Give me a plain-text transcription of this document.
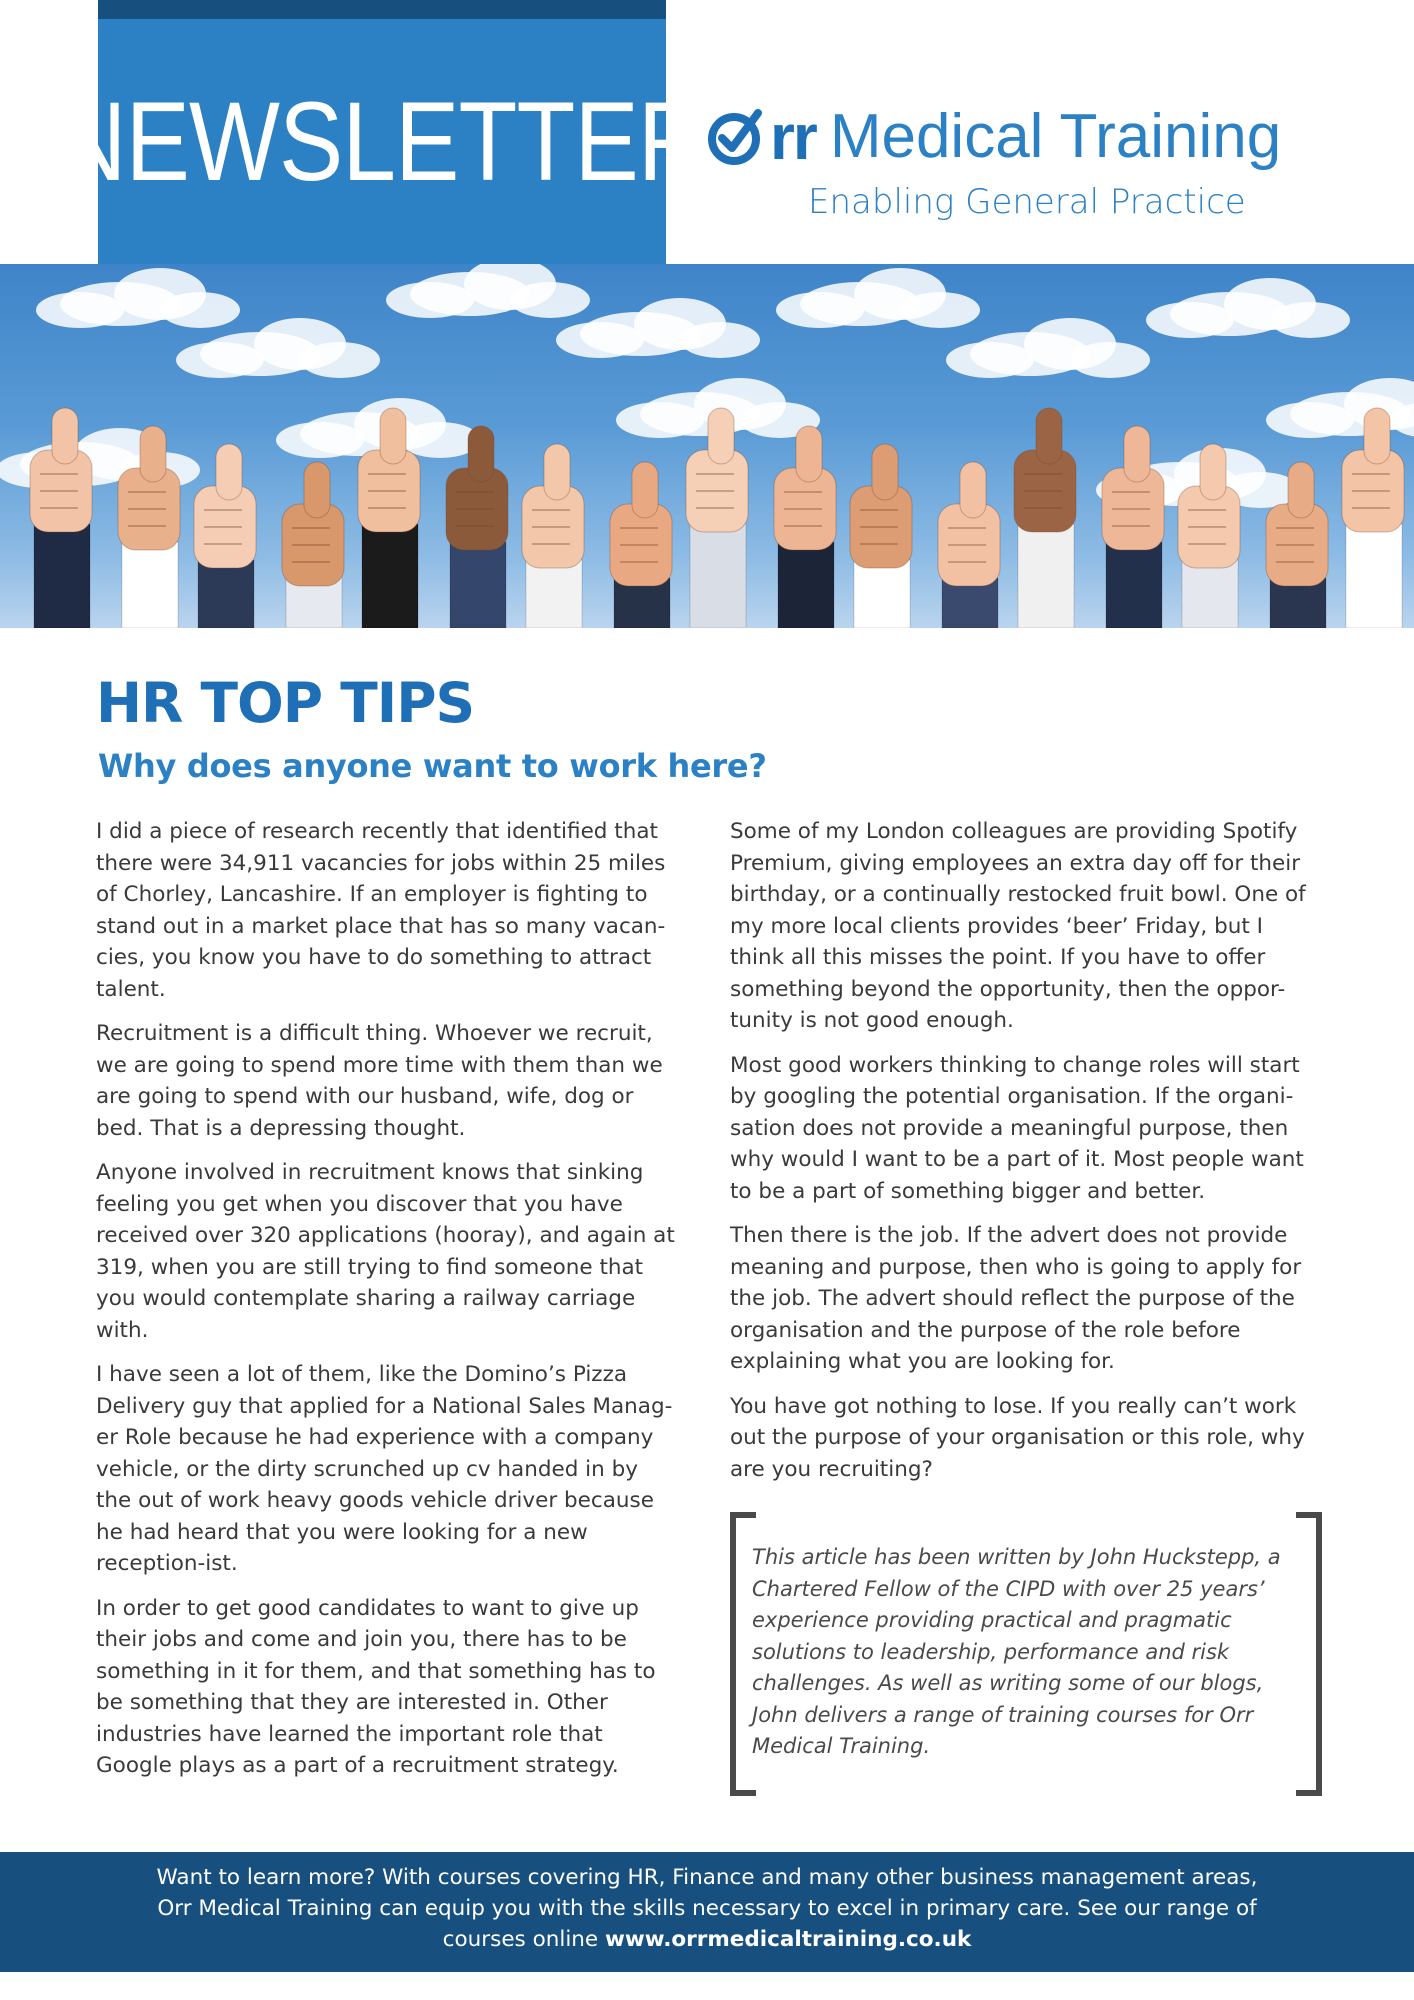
NEWSLETTER rr Medical Training
Enabling General Practice
HR TOP TIPS
Why does anyone want to work here?

I did a piece of research recently that identified that there were 34,911 vacancies for jobs within 25 miles of Chorley, Lancashire. If an employer is fighting to stand out in a market place that has so many vacan-cies, you know you have to do something to attract talent.

Recruitment is a difficult thing. Whoever we recruit, we are going to spend more time with them than we are going to spend with our husband, wife, dog or bed. That is a depressing thought.

Anyone involved in recruitment knows that sinking feeling you get when you discover that you have received over 320 applications (hooray), and again at 319, when you are still trying to find someone that you would contemplate sharing a railway carriage with.

I have seen a lot of them, like the Domino’s Pizza Delivery guy that applied for a National Sales Manag-er Role because he had experience with a company vehicle, or the dirty scrunched up cv handed in by the out of work heavy goods vehicle driver because he had heard that you were looking for a new reception-ist.

In order to get good candidates to want to give up their jobs and come and join you, there has to be something in it for them, and that something has to be something that they are interested in. Other industries have learned the important role that Google plays as a part of a recruitment strategy.

Some of my London colleagues are providing Spotify Premium, giving employees an extra day off for their birthday, or a continually restocked fruit bowl. One of my more local clients provides ‘beer’ Friday, but I think all this misses the point. If you have to offer something beyond the opportunity, then the oppor-tunity is not good enough.

Most good workers thinking to change roles will start by googling the potential organisation. If the organi-sation does not provide a meaningful purpose, then why would I want to be a part of it. Most people want to be a part of something bigger and better.

Then there is the job. If the advert does not provide meaning and purpose, then who is going to apply for the job. The advert should reflect the purpose of the organisation and the purpose of the role before explaining what you are looking for.

You have got nothing to lose. If you really can’t work out the purpose of your organisation or this role, why are you recruiting?

This article has been written by John Huckstepp, a Chartered Fellow of the CIPD with over 25 years’ experience providing practical and pragmatic solutions to leadership, performance and risk challenges. As well as writing some of our blogs, John delivers a range of training courses for Orr Medical Training.
Want to learn more? With courses covering HR, Finance and many other business management areas,
Orr Medical Training can equip you with the skills necessary to excel in primary care. See our range of
courses online www.orrmedicaltraining.co.uk
